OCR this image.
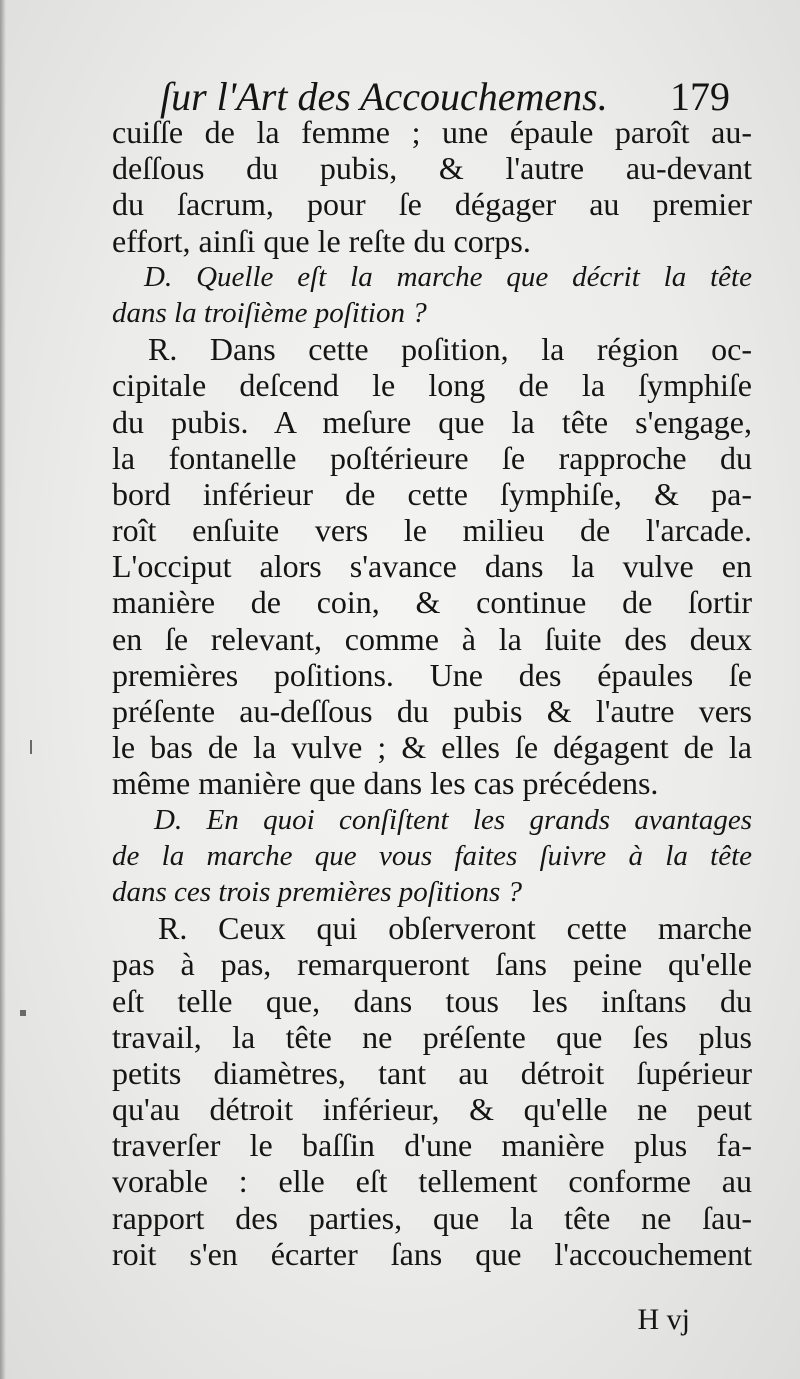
ſur l'Art des Accouchemens. 179
cuiſſe de la femme ; une épaule paroît au-
deſſous du pubis, & l'autre au-devant
du ſacrum, pour ſe dégager au premier
effort, ainſi que le reſte du corps.
D. Quelle eſt la marche que décrit la tête
dans la troiſième poſition ?
R. Dans cette poſition, la région oc-
cipitale deſcend le long de la ſymphiſe
du pubis. A meſure que la tête s'engage,
la fontanelle poſtérieure ſe rapproche du
bord inférieur de cette ſymphiſe, & pa-
roît enſuite vers le milieu de l'arcade.
L'occiput alors s'avance dans la vulve en
manière de coin, & continue de ſortir
en ſe relevant, comme à la ſuite des deux
premières poſitions. Une des épaules ſe
préſente au-deſſous du pubis & l'autre vers
le bas de la vulve ; & elles ſe dégagent de la
même manière que dans les cas précédens.
D. En quoi conſiſtent les grands avantages
de la marche que vous faites ſuivre à la tête
dans ces trois premières poſitions ?
R. Ceux qui obſerveront cette marche
pas à pas, remarqueront ſans peine qu'elle
eſt telle que, dans tous les inſtans du
travail, la tête ne préſente que ſes plus
petits diamètres, tant au détroit ſupérieur
qu'au détroit inférieur, & qu'elle ne peut
traverſer le baſſin d'une manière plus fa-
vorable : elle eſt tellement conforme au
rapport des parties, que la tête ne ſau-
roit s'en écarter ſans que l'accouchement
H vj
